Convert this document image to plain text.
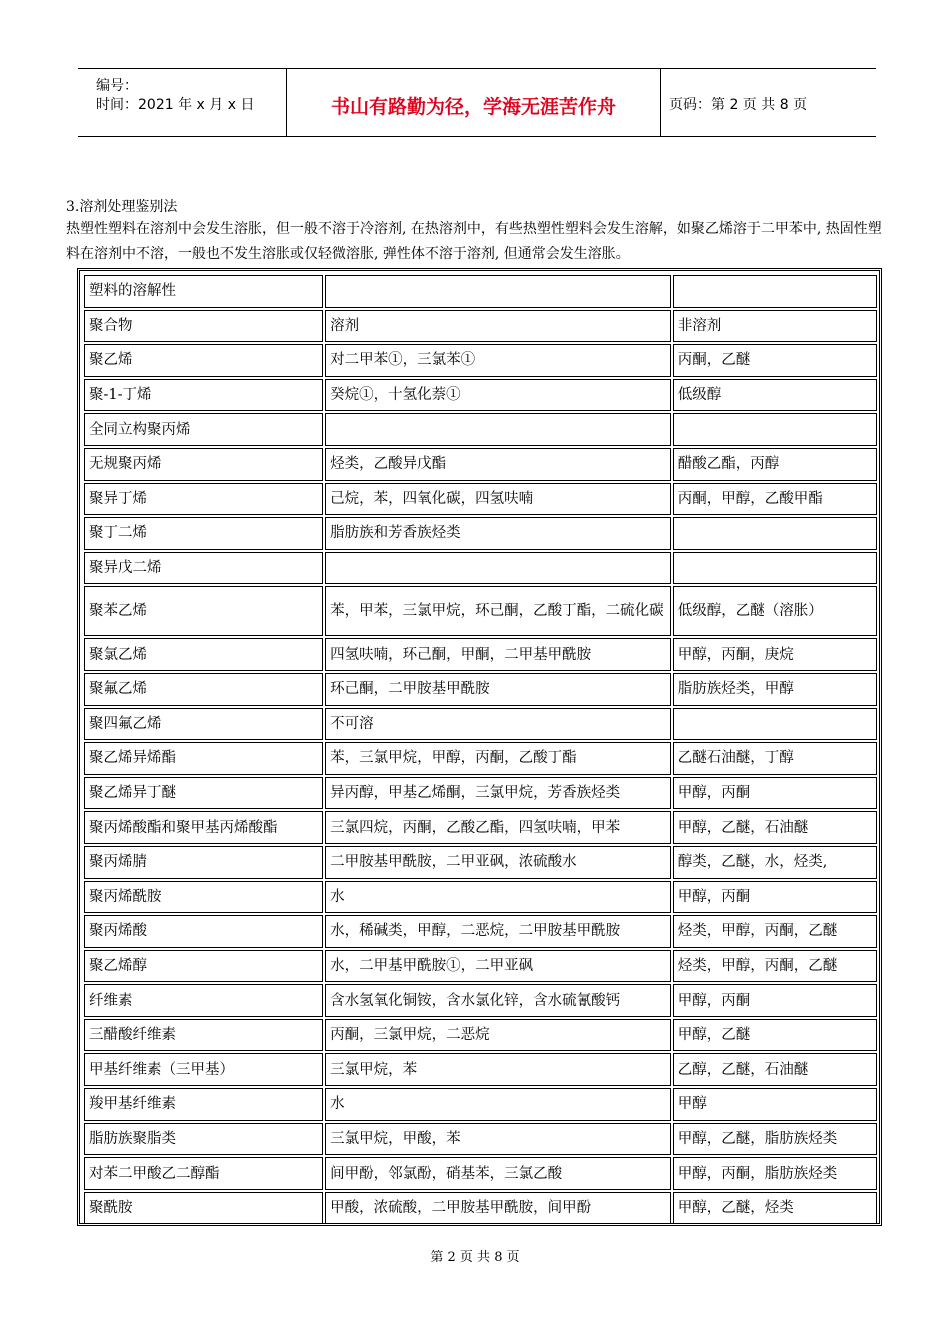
编号：
时间：2021 年 x 月 x 日	书山有路勤为径，学海无涯苦作舟	页码：第 2 页 共 8 页
3.溶剂处理鉴别法
热塑性塑料在溶剂中会发生溶胀，但一般不溶于冷溶剂, 在热溶剂中，有些热塑性塑料会发生溶解，如聚乙烯溶于二甲苯中, 热固性塑料在溶剂中不溶，一般也不发生溶胀或仅轻微溶胀, 弹性体不溶于溶剂, 但通常会发生溶胀。
塑料的溶解性		
聚合物	溶剂	非溶剂
聚乙烯	对二甲苯①，三氯苯①	丙酮，乙醚
聚-1-丁烯	癸烷①，十氢化萘①	低级醇
全同立构聚丙烯		
无规聚丙烯	烃类，乙酸异戊酯	醋酸乙酯，丙醇
聚异丁烯	己烷，苯，四氧化碳，四氢呋喃	丙酮，甲醇，乙酸甲酯
聚丁二烯	脂肪族和芳香族烃类	
聚异戊二烯		
聚苯乙烯	苯，甲苯，三氯甲烷，环己酮，乙酸丁酯，二硫化碳	低级醇，乙醚（溶胀）
聚氯乙烯	四氢呋喃，环己酮，甲酮，二甲基甲酰胺	甲醇，丙酮，庚烷
聚氟乙烯	环己酮，二甲胺基甲酰胺	脂肪族烃类，甲醇
聚四氟乙烯	不可溶	
聚乙烯异烯酯	苯，三氯甲烷，甲醇，丙酮，乙酸丁酯	乙醚石油醚，丁醇
聚乙烯异丁醚	异丙醇，甲基乙烯酮，三氯甲烷，芳香族烃类	甲醇，丙酮
聚丙烯酸酯和聚甲基丙烯酸酯	三氯四烷，丙酮，乙酸乙酯，四氢呋喃，甲苯	甲醇，乙醚，石油醚
聚丙烯腈	二甲胺基甲酰胺，二甲亚砜，浓硫酸水	醇类，乙醚，水，烃类,
聚丙烯酰胺	水	甲醇，丙酮
聚丙烯酸	水，稀碱类，甲醇，二恶烷，二甲胺基甲酰胺	烃类，甲醇，丙酮，乙醚
聚乙烯醇	水，二甲基甲酰胺①，二甲亚砜	烃类，甲醇，丙酮，乙醚
纤维素	含水氢氧化铜铵，含水氯化锌，含水硫氰酸钙	甲醇，丙酮
三醋酸纤维素	丙酮，三氯甲烷，二恶烷	甲醇，乙醚
甲基纤维素（三甲基）	三氯甲烷，苯	乙醇，乙醚，石油醚
羧甲基纤维素	水	甲醇
脂肪族聚脂类	三氯甲烷，甲酸，苯	甲醇，乙醚，脂肪族烃类
对苯二甲酸乙二醇酯	间甲酚，邻氯酚，硝基苯，三氯乙酸	甲醇，丙酮，脂肪族烃类
聚酰胺	甲酸，浓硫酸，二甲胺基甲酰胺，间甲酚	甲醇，乙醚，烃类
第 2 页 共 8 页
